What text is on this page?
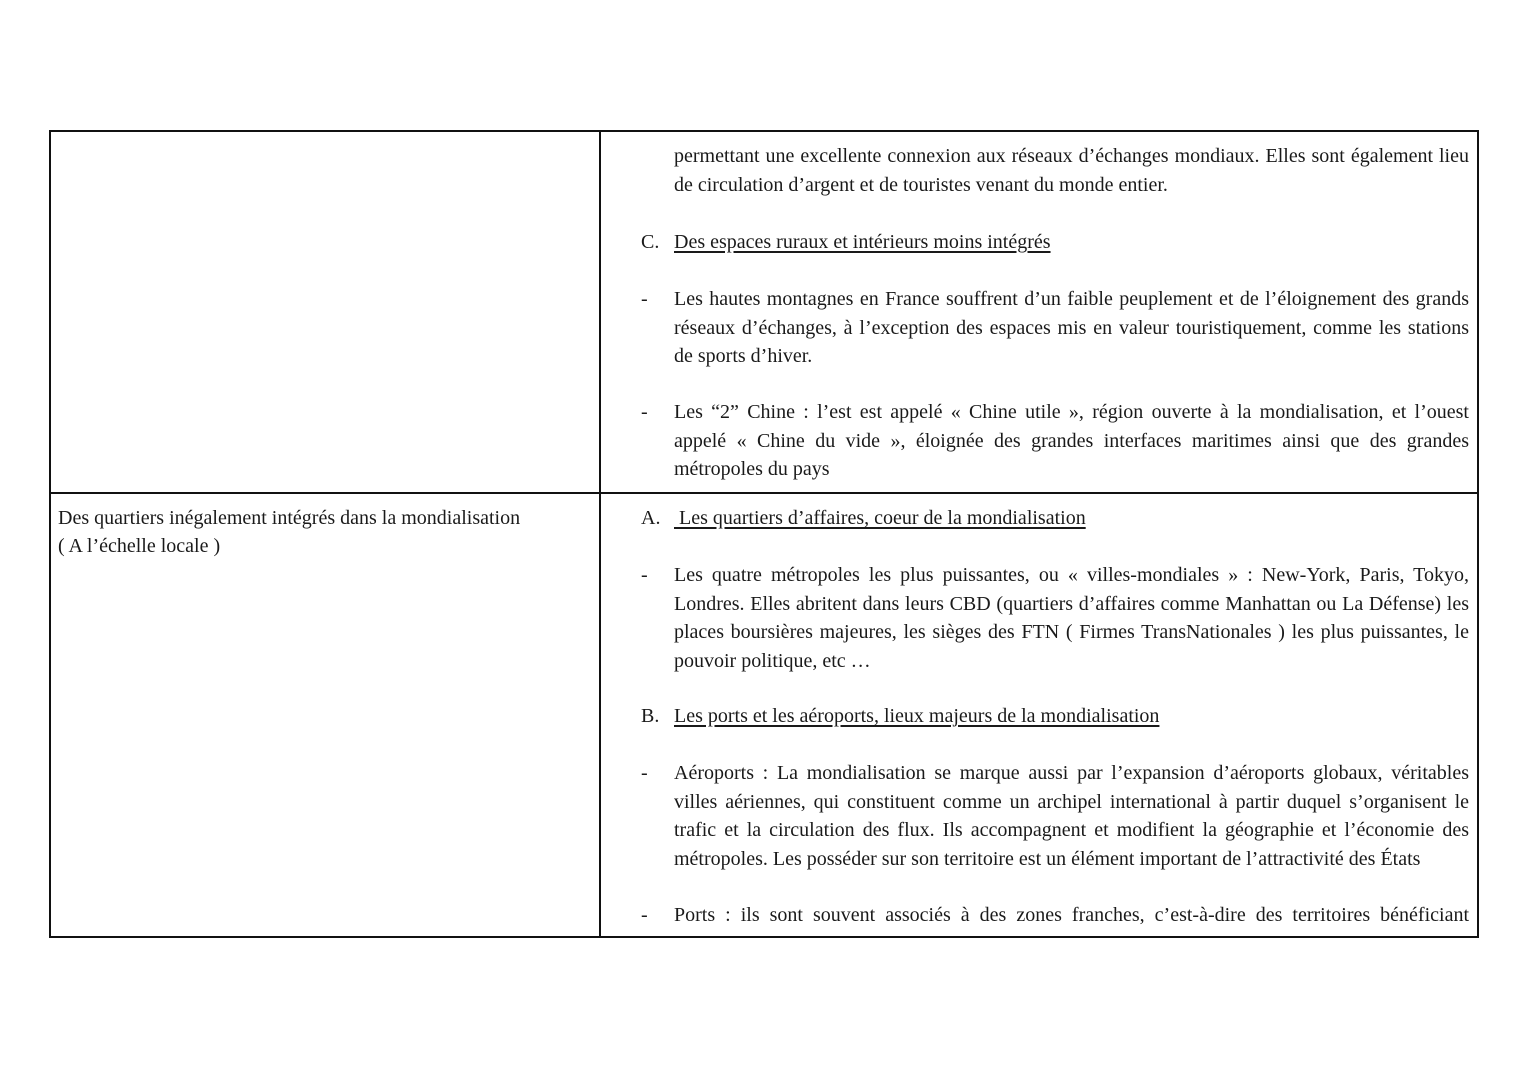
permettant une excellente connexion aux réseaux d’échanges mondiaux. Elles sont également lieu de circulation d’argent et de touristes venant du monde entier.

C. Des espaces ruraux et intérieurs moins intégrés
- Les hautes montagnes en France souffrent d’un faible peuplement et de l’éloignement des grands réseaux d’échanges, à l’exception des espaces mis en valeur touristiquement, comme les stations de sports d’hiver.

- Les “2” Chine : l’est est appelé « Chine utile », région ouverte à la mondialisation, et l’ouest appelé « Chine du vide », éloignée des grandes interfaces maritimes ainsi que des grandes métropoles du pays

Des quartiers inégalement intégrés dans la mondialisation

( A l’échelle locale )

A. Les quartiers d’affaires, coeur de la mondialisation
- Les quatre métropoles les plus puissantes, ou « villes-mondiales » : New-York, Paris, Tokyo, Londres. Elles abritent dans leurs CBD (quartiers d’affaires comme Manhattan ou La Défense) les places boursières majeures, les sièges des FTN ( Firmes TransNationales ) les plus puissantes, le pouvoir politique, etc …

B. Les ports et les aéroports, lieux majeurs de la mondialisation
- Aéroports : La mondialisation se marque aussi par l’expansion d’aéroports globaux, véritables villes aériennes, qui constituent comme un archipel international à partir duquel s’organisent le trafic et la circulation des flux. Ils accompagnent et modifient la géographie et l’économie des métropoles. Les posséder sur son territoire est un élément important de l’attractivité des États

- Ports : ils sont souvent associés à des zones franches, c’est-à-dire des territoires bénéficiant
